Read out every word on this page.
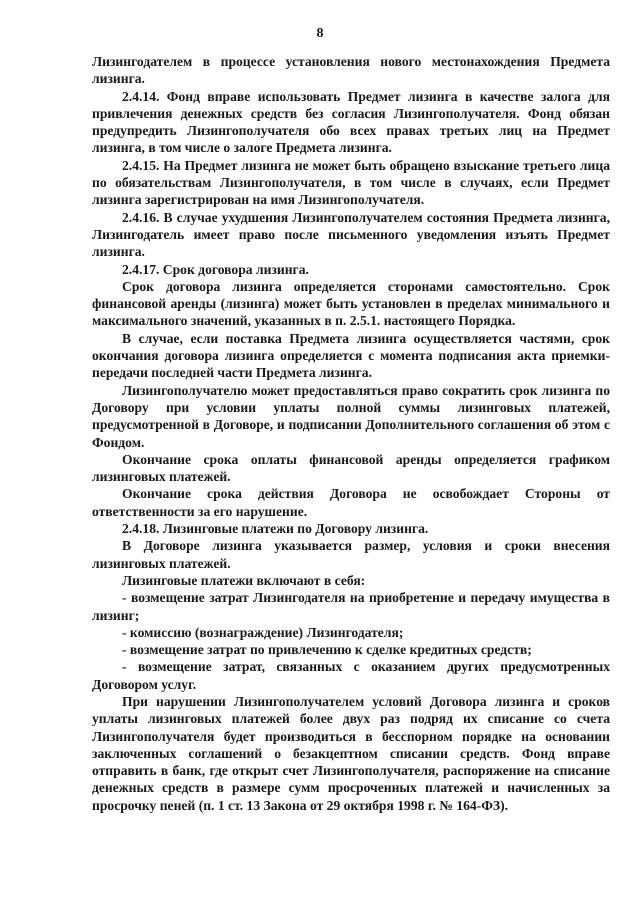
8

Лизингодателем в процессе установления нового местонахождения Предмета лизинга.

2.4.14. Фонд вправе использовать Предмет лизинга в качестве залога для привлечения денежных средств без согласия Лизингополучателя. Фонд обязан предупредить Лизингополучателя обо всех правах третьих лиц на Предмет лизинга, в том числе о залоге Предмета лизинга.

2.4.15. На Предмет лизинга не может быть обращено взыскание третьего лица по обязательствам Лизингополучателя, в том числе в случаях, если Предмет лизинга зарегистрирован на имя Лизингополучателя.

2.4.16. В случае ухудшения Лизингополучателем состояния Предмета лизинга, Лизингодатель имеет право после письменного уведомления изъять Предмет лизинга.

2.4.17. Срок договора лизинга.

Срок договора лизинга определяется сторонами самостоятельно. Срок финансовой аренды (лизинга) может быть установлен в пределах минимального и максимального значений, указанных в п. 2.5.1. настоящего Порядка.

В случае, если поставка Предмета лизинга осуществляется частями, срок окончания договора лизинга определяется с момента подписания акта приемки-передачи последней части Предмета лизинга.

Лизингополучателю может предоставляться право сократить срок лизинга по Договору при условии уплаты полной суммы лизинговых платежей, предусмотренной в Договоре, и подписании Дополнительного соглашения об этом с Фондом.

Окончание срока оплаты финансовой аренды определяется графиком лизинговых платежей.

Окончание срока действия Договора не освобождает Стороны от ответственности за его нарушение.

2.4.18. Лизинговые платежи по Договору лизинга.

В Договоре лизинга указывается размер, условия и сроки внесения лизинговых платежей.

Лизинговые платежи включают в себя:

- возмещение затрат Лизингодателя на приобретение и передачу имущества в лизинг;

- комиссию (вознаграждение) Лизингодателя;

- возмещение затрат по привлечению к сделке кредитных средств;

- возмещение затрат, связанных с оказанием других предусмотренных Договором услуг.

При нарушении Лизингополучателем условий Договора лизинга и сроков уплаты лизинговых платежей более двух раз подряд их списание со счета Лизингополучателя будет производиться в бесспорном порядке на основании заключенных соглашений о безакцептном списании средств. Фонд вправе отправить в банк, где открыт счет Лизингополучателя, распоряжение на списание денежных средств в размере сумм просроченных платежей и начисленных за просрочку пеней (п. 1 ст. 13 Закона от 29 октября 1998 г. № 164-ФЗ).
